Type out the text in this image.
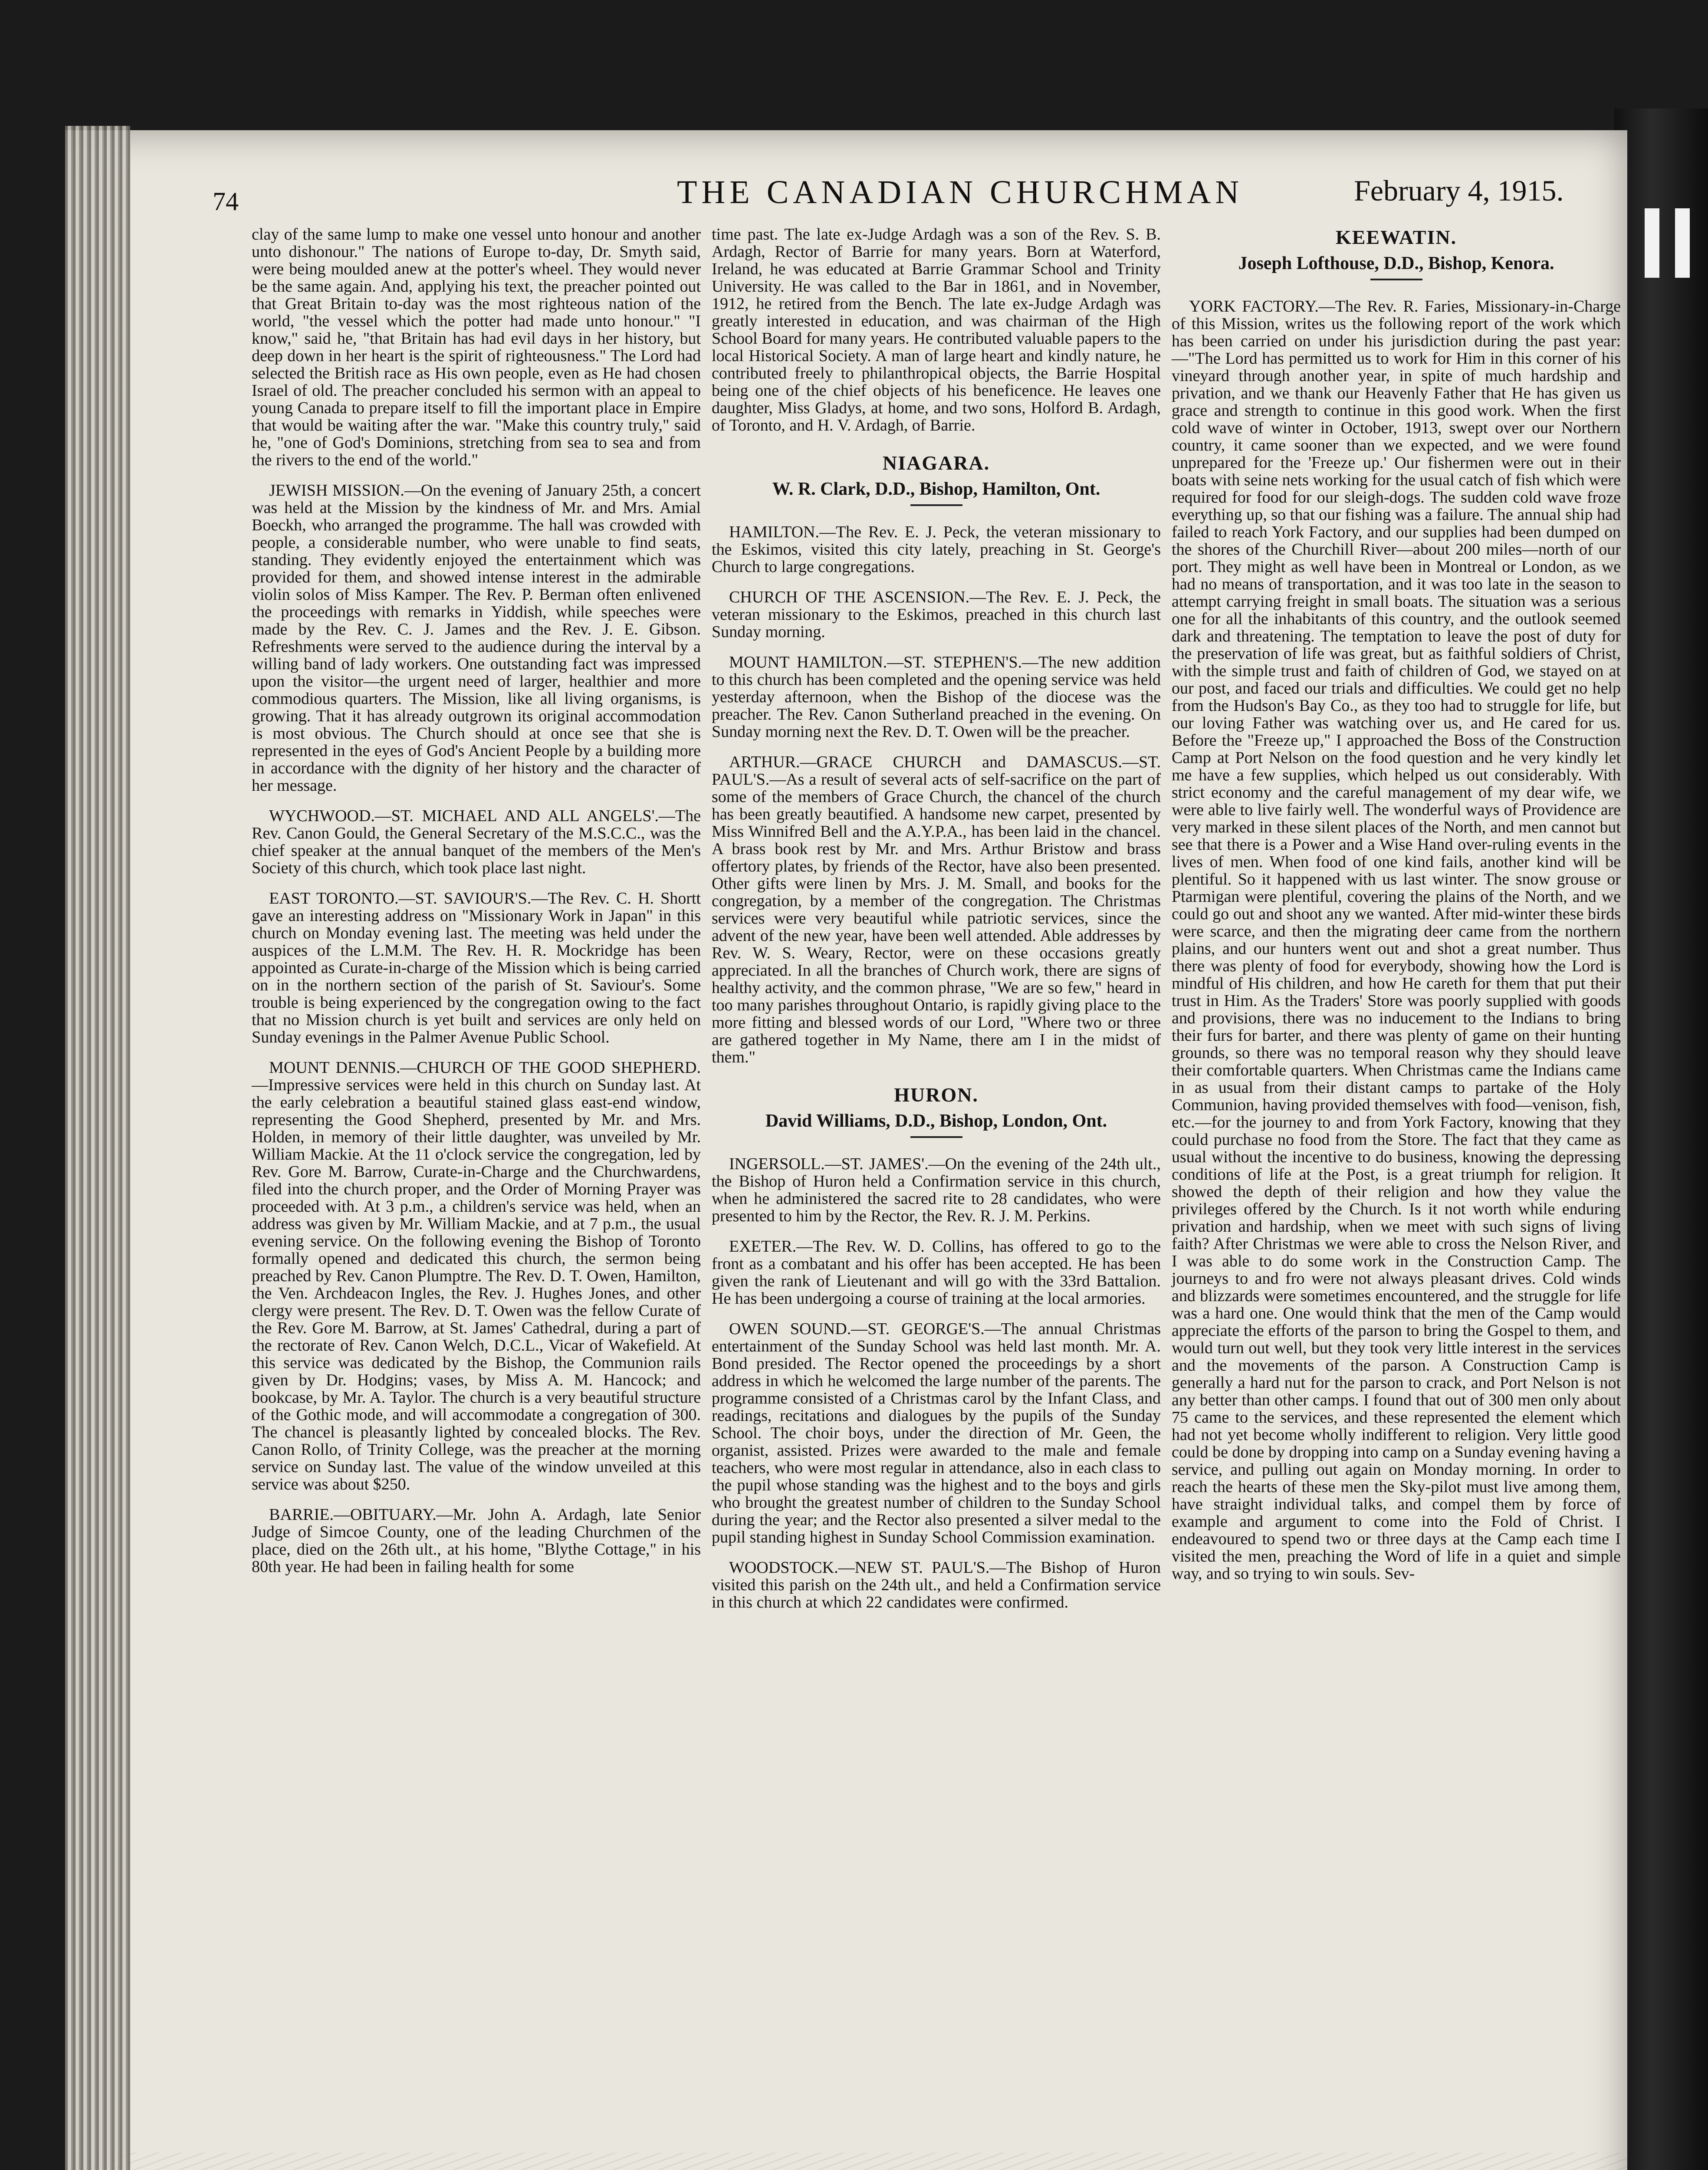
74	THE CANADIAN CHURCHMAN	February 4, 1915.

clay of the same lump to make one vessel unto honour and another unto dishonour." The nations of Europe to-day, Dr. Smyth said, were being moulded anew at the potter's wheel. They would never be the same again. And, applying his text, the preacher pointed out that Great Britain to-day was the most righteous nation of the world, "the vessel which the potter had made unto honour." "I know," said he, "that Britain has had evil days in her history, but deep down in her heart is the spirit of righteousness." The Lord had selected the British race as His own people, even as He had chosen Israel of old. The preacher concluded his sermon with an appeal to young Canada to prepare itself to fill the important place in Empire that would be waiting after the war. "Make this country truly," said he, "one of God's Dominions, stretching from sea to sea and from the rivers to the end of the world."

JEWISH MISSION.—On the evening of January 25th, a concert was held at the Mission by the kindness of Mr. and Mrs. Amial Boeckh, who arranged the programme. The hall was crowded with people, a considerable number, who were unable to find seats, standing. They evidently enjoyed the entertainment which was provided for them, and showed intense interest in the admirable violin solos of Miss Kamper. The Rev. P. Berman often enlivened the proceedings with remarks in Yiddish, while speeches were made by the Rev. C. J. James and the Rev. J. E. Gibson. Refreshments were served to the audience during the interval by a willing band of lady workers. One outstanding fact was impressed upon the visitor—the urgent need of larger, healthier and more commodious quarters. The Mission, like all living organisms, is growing. That it has already outgrown its original accommodation is most obvious. The Church should at once see that she is represented in the eyes of God's Ancient People by a building more in accordance with the dignity of her history and the character of her message.

WYCHWOOD.—ST. MICHAEL AND ALL ANGELS'.—The Rev. Canon Gould, the General Secretary of the M.S.C.C., was the chief speaker at the annual banquet of the members of the Men's Society of this church, which took place last night.

EAST TORONTO.—ST. SAVIOUR'S.—The Rev. C. H. Shortt gave an interesting address on "Missionary Work in Japan" in this church on Monday evening last. The meeting was held under the auspices of the L.M.M. The Rev. H. R. Mockridge has been appointed as Curate-in-charge of the Mission which is being carried on in the northern section of the parish of St. Saviour's. Some trouble is being experienced by the congregation owing to the fact that no Mission church is yet built and services are only held on Sunday evenings in the Palmer Avenue Public School.

MOUNT DENNIS.—CHURCH OF THE GOOD SHEPHERD.—Impressive services were held in this church on Sunday last. At the early celebration a beautiful stained glass east-end window, representing the Good Shepherd, presented by Mr. and Mrs. Holden, in memory of their little daughter, was unveiled by Mr. William Mackie. At the 11 o'clock service the congregation, led by Rev. Gore M. Barrow, Curate-in-Charge and the Churchwardens, filed into the church proper, and the Order of Morning Prayer was proceeded with. At 3 p.m., a children's service was held, when an address was given by Mr. William Mackie, and at 7 p.m., the usual evening service. On the following evening the Bishop of Toronto formally opened and dedicated this church, the sermon being preached by Rev. Canon Plumptre. The Rev. D. T. Owen, Hamilton, the Ven. Archdeacon Ingles, the Rev. J. Hughes Jones, and other clergy were present. The Rev. D. T. Owen was the fellow Curate of the Rev. Gore M. Barrow, at St. James' Cathedral, during a part of the rectorate of Rev. Canon Welch, D.C.L., Vicar of Wakefield. At this service was dedicated by the Bishop, the Communion rails given by Dr. Hodgins; vases, by Miss A. M. Hancock; and bookcase, by Mr. A. Taylor. The church is a very beautiful structure of the Gothic mode, and will accommodate a congregation of 300. The chancel is pleasantly lighted by concealed blocks. The Rev. Canon Rollo, of Trinity College, was the preacher at the morning service on Sunday last. The value of the window unveiled at this service was about $250.

BARRIE.—OBITUARY.—Mr. John A. Ardagh, late Senior Judge of Simcoe County, one of the leading Churchmen of the place, died on the 26th ult., at his home, "Blythe Cottage," in his 80th year. He had been in failing health for some

time past. The late ex-Judge Ardagh was a son of the Rev. S. B. Ardagh, Rector of Barrie for many years. Born at Waterford, Ireland, he was educated at Barrie Grammar School and Trinity University. He was called to the Bar in 1861, and in November, 1912, he retired from the Bench. The late ex-Judge Ardagh was greatly interested in education, and was chairman of the High School Board for many years. He contributed valuable papers to the local Historical Society. A man of large heart and kindly nature, he contributed freely to philanthropical objects, the Barrie Hospital being one of the chief objects of his beneficence. He leaves one daughter, Miss Gladys, at home, and two sons, Holford B. Ardagh, of Toronto, and H. V. Ardagh, of Barrie.

NIAGARA.
W. R. Clark, D.D., Bishop, Hamilton, Ont.

HAMILTON.—The Rev. E. J. Peck, the veteran missionary to the Eskimos, visited this city lately, preaching in St. George's Church to large congregations.

CHURCH OF THE ASCENSION.—The Rev. E. J. Peck, the veteran missionary to the Eskimos, preached in this church last Sunday morning.

MOUNT HAMILTON.—ST. STEPHEN'S.—The new addition to this church has been completed and the opening service was held yesterday afternoon, when the Bishop of the diocese was the preacher. The Rev. Canon Sutherland preached in the evening. On Sunday morning next the Rev. D. T. Owen will be the preacher.

ARTHUR.—GRACE CHURCH and DAMASCUS.—ST. PAUL'S.—As a result of several acts of self-sacrifice on the part of some of the members of Grace Church, the chancel of the church has been greatly beautified. A handsome new carpet, presented by Miss Winnifred Bell and the A.Y.P.A., has been laid in the chancel. A brass book rest by Mr. and Mrs. Arthur Bristow and brass offertory plates, by friends of the Rector, have also been presented. Other gifts were linen by Mrs. J. M. Small, and books for the congregation, by a member of the congregation. The Christmas services were very beautiful while patriotic services, since the advent of the new year, have been well attended. Able addresses by Rev. W. S. Weary, Rector, were on these occasions greatly appreciated. In all the branches of Church work, there are signs of healthy activity, and the common phrase, "We are so few," heard in too many parishes throughout Ontario, is rapidly giving place to the more fitting and blessed words of our Lord, "Where two or three are gathered together in My Name, there am I in the midst of them."

HURON.
David Williams, D.D., Bishop, London, Ont.

INGERSOLL.—ST. JAMES'.—On the evening of the 24th ult., the Bishop of Huron held a Confirmation service in this church, when he administered the sacred rite to 28 candidates, who were presented to him by the Rector, the Rev. R. J. M. Perkins.

EXETER.—The Rev. W. D. Collins, has offered to go to the front as a combatant and his offer has been accepted. He has been given the rank of Lieutenant and will go with the 33rd Battalion. He has been undergoing a course of training at the local armories.

OWEN SOUND.—ST. GEORGE'S.—The annual Christmas entertainment of the Sunday School was held last month. Mr. A. Bond presided. The Rector opened the proceedings by a short address in which he welcomed the large number of the parents. The programme consisted of a Christmas carol by the Infant Class, and readings, recitations and dialogues by the pupils of the Sunday School. The choir boys, under the direction of Mr. Geen, the organist, assisted. Prizes were awarded to the male and female teachers, who were most regular in attendance, also in each class to the pupil whose standing was the highest and to the boys and girls who brought the greatest number of children to the Sunday School during the year; and the Rector also presented a silver medal to the pupil standing highest in Sunday School Commission examination.

WOODSTOCK.—NEW ST. PAUL'S.—The Bishop of Huron visited this parish on the 24th ult., and held a Confirmation service in this church at which 22 candidates were confirmed.

KEEWATIN.
Joseph Lofthouse, D.D., Bishop, Kenora.

YORK FACTORY.—The Rev. R. Faries, Missionary-in-Charge of this Mission, writes us the following report of the work which has been carried on under his jurisdiction during the past year:—"The Lord has permitted us to work for Him in this corner of his vineyard through another year, in spite of much hardship and privation, and we thank our Heavenly Father that He has given us grace and strength to continue in this good work. When the first cold wave of winter in October, 1913, swept over our Northern country, it came sooner than we expected, and we were found unprepared for the 'Freeze up.' Our fishermen were out in their boats with seine nets working for the usual catch of fish which were required for food for our sleigh-dogs. The sudden cold wave froze everything up, so that our fishing was a failure. The annual ship had failed to reach York Factory, and our supplies had been dumped on the shores of the Churchill River—about 200 miles—north of our port. They might as well have been in Montreal or London, as we had no means of transportation, and it was too late in the season to attempt carrying freight in small boats. The situation was a serious one for all the inhabitants of this country, and the outlook seemed dark and threatening. The temptation to leave the post of duty for the preservation of life was great, but as faithful soldiers of Christ, with the simple trust and faith of children of God, we stayed on at our post, and faced our trials and difficulties. We could get no help from the Hudson's Bay Co., as they too had to struggle for life, but our loving Father was watching over us, and He cared for us. Before the "Freeze up," I approached the Boss of the Construction Camp at Port Nelson on the food question and he very kindly let me have a few supplies, which helped us out considerably. With strict economy and the careful management of my dear wife, we were able to live fairly well. The wonderful ways of Providence are very marked in these silent places of the North, and men cannot but see that there is a Power and a Wise Hand over-ruling events in the lives of men. When food of one kind fails, another kind will be plentiful. So it happened with us last winter. The snow grouse or Ptarmigan were plentiful, covering the plains of the North, and we could go out and shoot any we wanted. After mid-winter these birds were scarce, and then the migrating deer came from the northern plains, and our hunters went out and shot a great number. Thus there was plenty of food for everybody, showing how the Lord is mindful of His children, and how He careth for them that put their trust in Him. As the Traders' Store was poorly supplied with goods and provisions, there was no inducement to the Indians to bring their furs for barter, and there was plenty of game on their hunting grounds, so there was no temporal reason why they should leave their comfortable quarters. When Christmas came the Indians came in as usual from their distant camps to partake of the Holy Communion, having provided themselves with food—venison, fish, etc.—for the journey to and from York Factory, knowing that they could purchase no food from the Store. The fact that they came as usual without the incentive to do business, knowing the depressing conditions of life at the Post, is a great triumph for religion. It showed the depth of their religion and how they value the privileges offered by the Church. Is it not worth while enduring privation and hardship, when we meet with such signs of living faith? After Christmas we were able to cross the Nelson River, and I was able to do some work in the Construction Camp. The journeys to and fro were not always pleasant drives. Cold winds and blizzards were sometimes encountered, and the struggle for life was a hard one. One would think that the men of the Camp would appreciate the efforts of the parson to bring the Gospel to them, and would turn out well, but they took very little interest in the services and the movements of the parson. A Construction Camp is generally a hard nut for the parson to crack, and Port Nelson is not any better than other camps. I found that out of 300 men only about 75 came to the services, and these represented the element which had not yet become wholly indifferent to religion. Very little good could be done by dropping into camp on a Sunday evening having a service, and pulling out again on Monday morning. In order to reach the hearts of these men the Sky-pilot must live among them, have straight individual talks, and compel them by force of example and argument to come into the Fold of Christ. I endeavoured to spend two or three days at the Camp each time I visited the men, preaching the Word of life in a quiet and simple way, and so trying to win souls. Sev-
